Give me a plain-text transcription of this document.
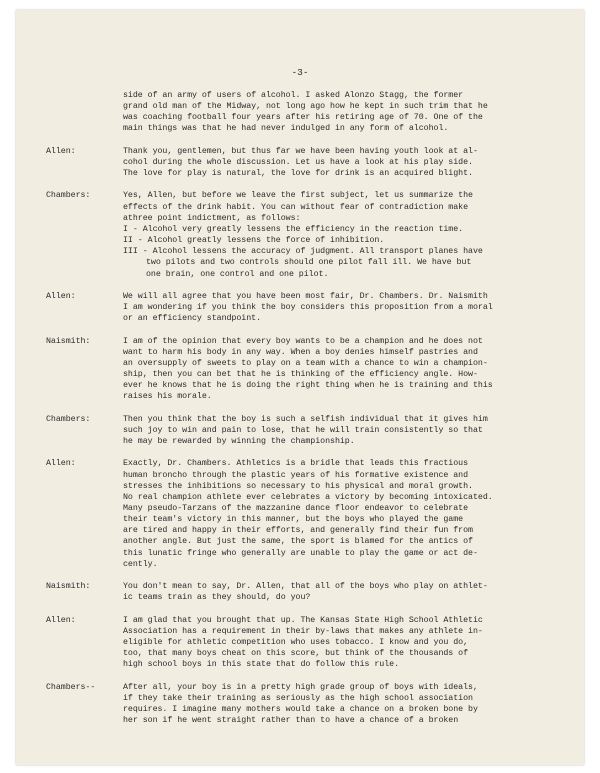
-3-
side of an army of users of alcohol. I asked Alonzo Stagg, the former
grand old man of the Midway, not long ago how he kept in such trim that he
was coaching football four years after his retiring age of 70. One of the
main things was that he had never indulged in any form of alcohol.
Allen:	Thank you, gentlemen, but thus far we have been having youth look at al-
cohol during the whole discussion. Let us have a look at his play side.
The love for play is natural, the love for drink is an acquired blight.
Chambers:	Yes, Allen, but before we leave the first subject, let us summarize the
effects of the drink habit. You can without fear of contradiction make
athree point indictment, as follows:
I - Alcohol very greatly lessens the efficiency in the reaction time.
II - Alcohol greatly lessens the force of inhibition.
III - Alcohol lessens the accuracy of judgment. All transport planes have
two pilots and two controls should one pilot fall ill. We have but
one brain, one control and one pilot.
Allen:	We will all agree that you have been most fair, Dr. Chambers. Dr. Naismith
I am wondering if you think the boy considers this proposition from a moral
or an efficiency standpoint.
Naismith:	I am of the opinion that every boy wants to be a champion and he does not
want to harm his body in any way. When a boy denies himself pastries and
an oversupply of sweets to play on a team with a chance to win a champion-
ship, then you can bet that he is thinking of the efficiency angle. How-
ever he knows that he is doing the right thing when he is training and this
raises his morale.
Chambers:	Then you think that the boy is such a selfish individual that it gives him
such joy to win and pain to lose, that he will train consistently so that
he may be rewarded by winning the championship.
Allen:	Exactly, Dr. Chambers. Athletics is a bridle that leads this fractious
human broncho through the plastic years of his formative existence and
stresses the inhibitions so necessary to his physical and moral growth.
No real champion athlete ever celebrates a victory by becoming intoxicated.
Many pseudo-Tarzans of the mazzanine dance floor endeavor to celebrate
their team's victory in this manner, but the boys who played the game
are tired and happy in their efforts, and generally find their fun from
another angle. But just the same, the sport is blamed for the antics of
this lunatic fringe who generally are unable to play the game or act de-
cently.
Naismith:	You don't mean to say, Dr. Allen, that all of the boys who play on athlet-
ic teams train as they should, do you?
Allen:	I am glad that you brought that up. The Kansas State High School Athletic
Association has a requirement in their by-laws that makes any athlete in-
eligible for athletic competition who uses tobacco. I know and you do,
too, that many boys cheat on this score, but think of the thousands of
high school boys in this state that do follow this rule.
Chambers--	After all, your boy is in a pretty high grade group of boys with ideals,
if they take their training as seriously as the high school association
requires. I imagine many mothers would take a chance on a broken bone by
her son if he went straight rather than to have a chance of a broken
